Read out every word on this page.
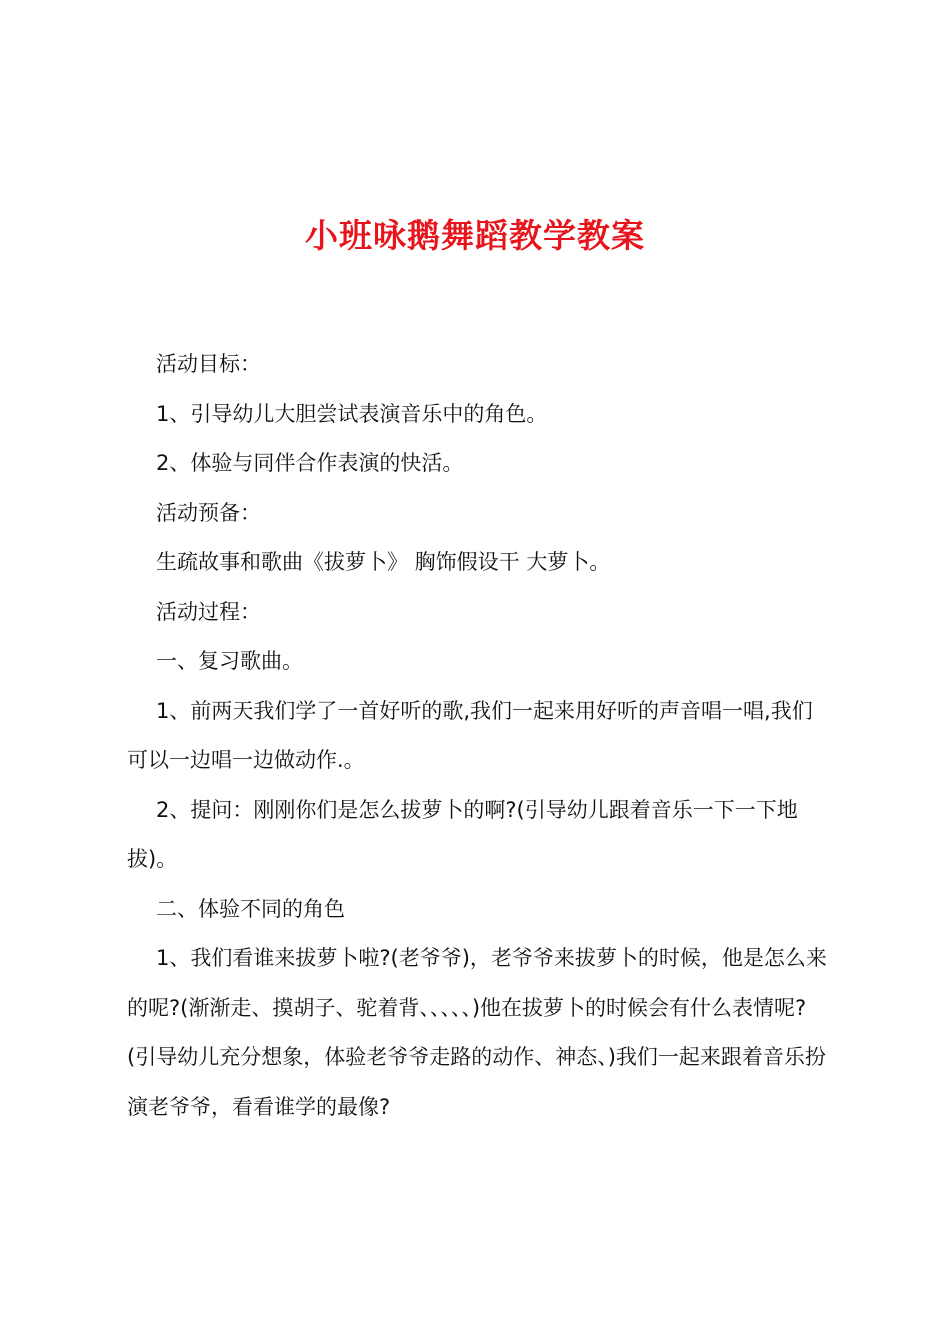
小班咏鹅舞蹈教学教案

活动目标：

1、引导幼儿大胆尝试表演音乐中的角色。

2、体验与同伴合作表演的快活。

活动预备：

生疏故事和歌曲《拔萝卜》 胸饰假设干 大萝卜。

活动过程：

一、复习歌曲。

1、前两天我们学了一首好听的歌,我们一起来用好听的声音唱一唱,我们可以一边唱一边做动作.。

2、提问：刚刚你们是怎么拔萝卜的啊?(引导幼儿跟着音乐一下一下地拔)。

二、体验不同的角色

1、我们看谁来拔萝卜啦?(老爷爷)，老爷爷来拔萝卜的时候，他是怎么来的呢?(渐渐走、摸胡子、驼着背、、、、、)他在拔萝卜的时候会有什么表情呢?(引导幼儿充分想象，体验老爷爷走路的动作、神态、)我们一起来跟着音乐扮演老爷爷，看看谁学的最像?
